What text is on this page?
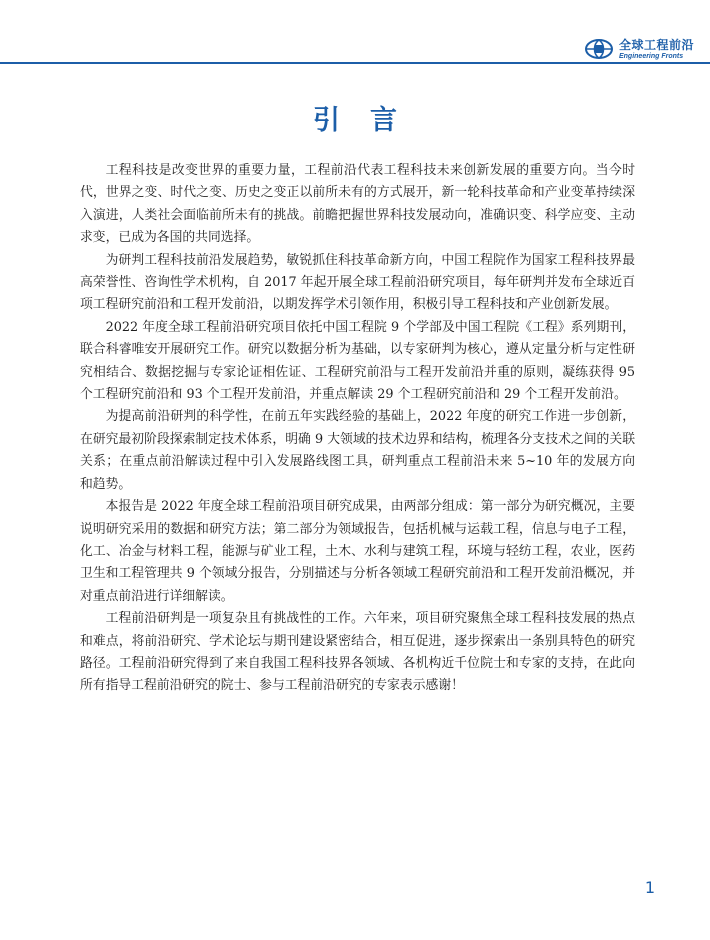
全球工程前沿
Engineering Fronts
引言

工程科技是改变世界的重要力量，工程前沿代表工程科技未来创新发展的重要方向。当今时代，世界之变、时代之变、历史之变正以前所未有的方式展开，新一轮科技革命和产业变革持续深入演进，人类社会面临前所未有的挑战。前瞻把握世界科技发展动向，准确识变、科学应变、主动求变，已成为各国的共同选择。

为研判工程科技前沿发展趋势，敏锐抓住科技革命新方向，中国工程院作为国家工程科技界最高荣誉性、咨询性学术机构，自 2017 年起开展全球工程前沿研究项目，每年研判并发布全球近百项工程研究前沿和工程开发前沿，以期发挥学术引领作用，积极引导工程科技和产业创新发展。

2022 年度全球工程前沿研究项目依托中国工程院 9 个学部及中国工程院《工程》系列期刊，联合科睿唯安开展研究工作。研究以数据分析为基础，以专家研判为核心，遵从定量分析与定性研究相结合、数据挖掘与专家论证相佐证、工程研究前沿与工程开发前沿并重的原则，凝练获得 95 个工程研究前沿和 93 个工程开发前沿，并重点解读 29 个工程研究前沿和 29 个工程开发前沿。

为提高前沿研判的科学性，在前五年实践经验的基础上，2022 年度的研究工作进一步创新，在研究最初阶段探索制定技术体系，明确 9 大领域的技术边界和结构，梳理各分支技术之间的关联关系；在重点前沿解读过程中引入发展路线图工具，研判重点工程前沿未来 5~10 年的发展方向和趋势。

本报告是 2022 年度全球工程前沿项目研究成果，由两部分组成：第一部分为研究概况，主要说明研究采用的数据和研究方法；第二部分为领域报告，包括机械与运载工程，信息与电子工程，化工、冶金与材料工程，能源与矿业工程，土木、水利与建筑工程，环境与轻纺工程，农业，医药卫生和工程管理共 9 个领域分报告，分别描述与分析各领域工程研究前沿和工程开发前沿概况，并对重点前沿进行详细解读。

工程前沿研判是一项复杂且有挑战性的工作。六年来，项目研究聚焦全球工程科技发展的热点和难点，将前沿研究、学术论坛与期刊建设紧密结合，相互促进，逐步探索出一条别具特色的研究路径。工程前沿研究得到了来自我国工程科技界各领域、各机构近千位院士和专家的支持，在此向所有指导工程前沿研究的院士、参与工程前沿研究的专家表示感谢！

1
